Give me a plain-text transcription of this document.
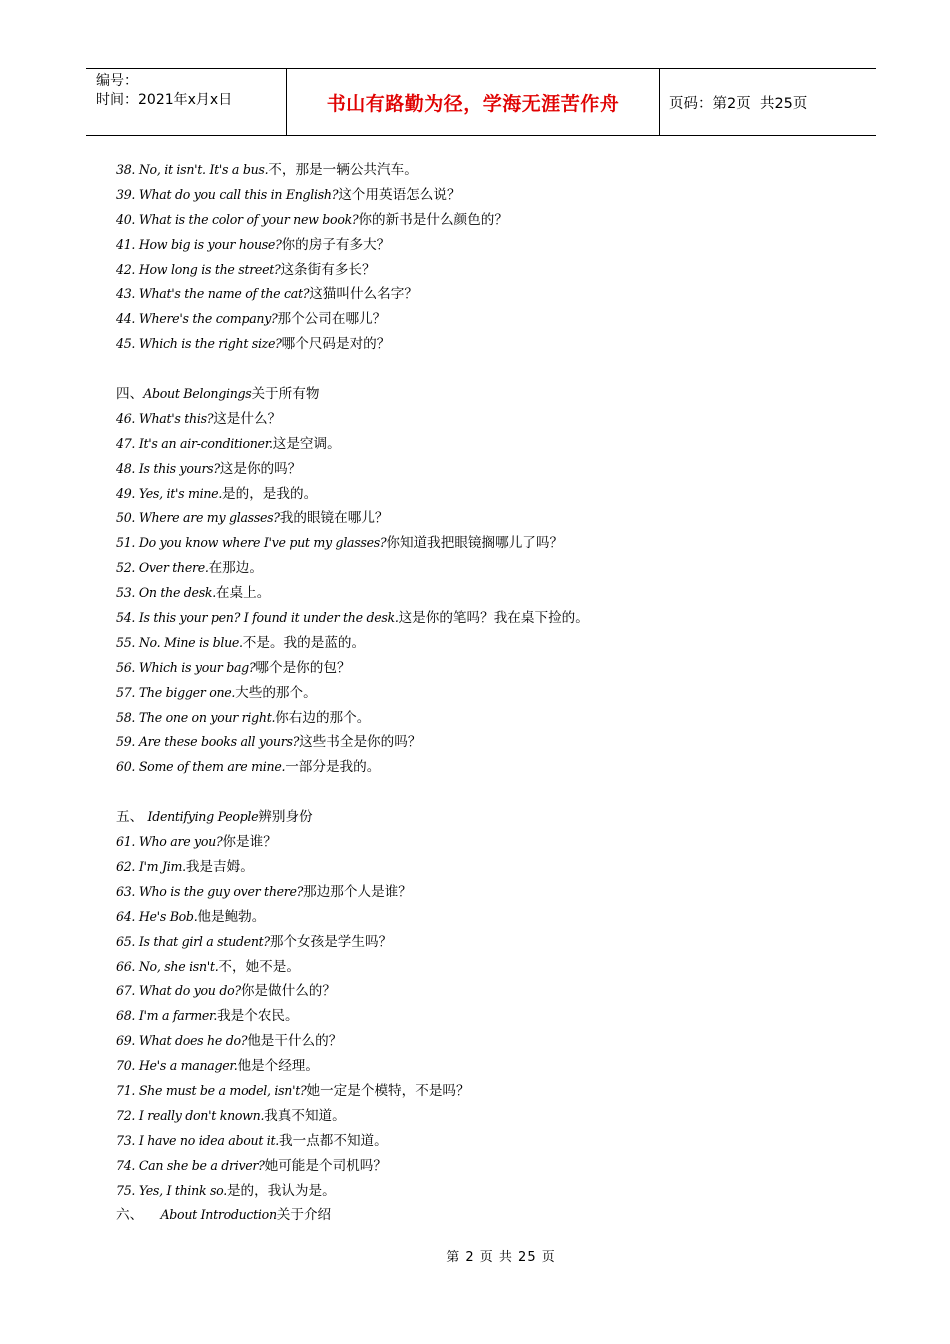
编号：
时间：2021年x月x日	书山有路勤为径，学海无涯苦作舟	页码：第2页  共25页
38. No, it isn't. It's a bus.不，那是一辆公共汽车。
39. What do you call this in English?这个用英语怎么说？
40. What is the color of your new book?你的新书是什么颜色的？
41. How big is your house?你的房子有多大？
42. How long is the street?这条街有多长？
43. What's the name of the cat?这猫叫什么名字？
44. Where's the company?那个公司在哪儿？
45. Which is the right size?哪个尺码是对的？
四、About Belongings关于所有物
46. What's this?这是什么？
47. It's an air-conditioner.这是空调。
48. Is this yours?这是你的吗？
49. Yes, it's mine.是的，是我的。
50. Where are my glasses?我的眼镜在哪儿？
51. Do you know where I've put my glasses?你知道我把眼镜搁哪儿了吗？
52. Over there.在那边。
53. On the desk.在桌上。
54. Is this your pen? I found it under the desk.这是你的笔吗？我在桌下捡的。
55. No. Mine is blue.不是。我的是蓝的。
56. Which is your bag?哪个是你的包？
57. The bigger one.大些的那个。
58. The one on your right.你右边的那个。
59. Are these books all yours?这些书全是你的吗？
60. Some of them are mine.一部分是我的。
五、 Identifying People辨别身份
61. Who are you?你是谁？
62. I'm Jim.我是吉姆。
63. Who is the guy over there?那边那个人是谁？
64. He's Bob.他是鲍勃。
65. Is that girl a student?那个女孩是学生吗？
66. No, she isn't.不，她不是。
67. What do you do?你是做什么的？
68. I'm a farmer.我是个农民。
69. What does he do?他是干什么的？
70. He's a manager.他是个经理。
71. She must be a model, isn't?她一定是个模特，不是吗？
72. I really don't known.我真不知道。
73. I have no idea about it.我一点都不知道。
74. Can she be a driver?她可能是个司机吗？
75. Yes, I think so.是的，我认为是。
六、    About Introduction关于介绍
第 2 页 共 25 页
